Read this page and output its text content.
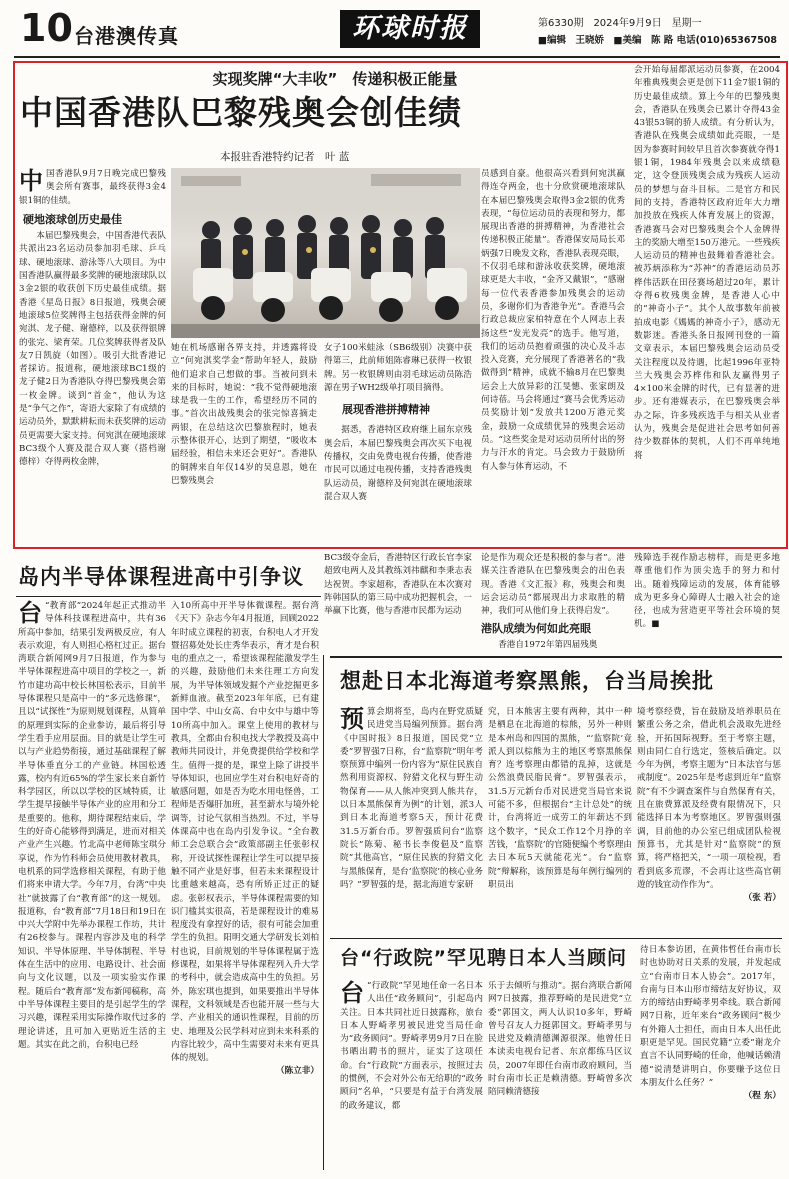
10 台港澳传真	环球时报	第6330期　2024年9月9日　星期一
■编辑　王晓娇　■美编　陈 路 电话(010)65367508
实现奖牌“大丰收”　传递积极正能量
中国香港队巴黎残奥会创佳绩
本报驻香港特约记者　叶 蓝
中国香港队9月7日晚完成巴黎残奥会所有赛事，最终获得3金4银1铜的佳绩。
硬地滚球创历史最佳

本届巴黎残奥会，中国香港代表队共派出23名运动员参加羽毛球、乒乓球、硬地滚球、游泳等八大项目。为中国香港队赢得最多奖牌的硬地滚球队以3金2银的收获创下历史最佳成绩。据香港《星岛日报》8日报道，残奥会硬地滚球5位奖牌得主包括获得金牌的何宛淇、龙子健、谢德梓，以及获得银牌的张完、梁育荣。几位奖牌获得者及队友7日凯旋（如图）。吸引大批香港记者採访。报道称，硬地滚球BC1级的龙子健2日为香港队夺得巴黎残奥会第一枚金牌。谈到“首金”，他认为这是“争气之作”，寄语大家除了有成绩的运动员外，默默耕耘而未获奖牌的运动员更需要大家支持。何宛淇在硬地滚球BC3级个人赛及混合双人赛（搭档谢德梓）夺得两枚金牌，

她在机场感谢各界支持，并透露将设立“何宛淇奖学金”帮助年轻人，鼓励他们追求自己想做的事。当被问到未来的目标时，她说：“我不觉得硬地滚球是我一生的工作，希望经历不同的事。”首次出战残奥会的张完惊喜摘走两银，在总结这次巴黎旅程时，她表示整体很开心，达到了期望，“吸收本届经验，相信未来还会更好”。香港队的铜牌来自年仅14岁的吴息恩，她在巴黎残奥会
女子100米蛙泳（SB6级别）决赛中获得第三，此前师姐陈睿琳已获得一枚银牌。另一枚银牌则由羽毛球运动员陈浩源在男子WH2级单打项目摘得。
展现香港拼搏精神

据悉，香港特区政府继上届东京残奥会后，本届巴黎残奥会再次买下电视传播权，交由免费电视台传播，使香港市民可以通过电视传播，支持香港残奥队运动员，谢德梓及何宛淇在硬地滚球混合双人赛

员感到自豪。他很高兴看到何宛淇赢得连夺两金，也十分欣赏硬地滚球队在本届巴黎残奥会取得3金2银的优秀表现，“每位运动员的表现和努力，都展现出香港的拼搏精神，为香港社会传递积极正能量”。香港保安局局长邓炳强7日晚发文称，香港队表现亮眼，不仅羽毛球和游泳收获奖牌，硬地滚球更是大丰收，“金齐又戴银”，“感谢每一位代表香港参加残奥会的运动员，多谢你们为香港争光”。香港马会行政总裁应家柏特意在个人网志上表扬这些“发光发亮”的选手。他写道，我们的运动员抱着顽强的决心及斗志投入竞赛，充分展现了香港著名的“我做得到”精神，成就不输8月在巴黎奥运会上大放异彩的江旻憓、张家朗及何诗蓓。马会将通过“赛马会优秀运动员奖励计划”发放共1200万港元奖金，鼓励一众成绩优异的残奥会运动员。“这些奖金是对运动员所付出的努力与汗水的肯定。马会致力于鼓励所有人参与体育运动，不
会开始每届都派运动员参赛，在2004年雅典残奥会更是创下11金7银1铜的历史最佳成绩。算上今年的巴黎残奥会，香港队在残奥会已累计夺得43金43银53铜的骄人成绩。有分析认为，香港队在残奥会成绩如此亮眼，一是因为参赛时间较早且首次参赛就夺得1银1铜，1984年残奥会以来成绩稳定，这令登顶残奥会成为残疾人运动员的梦想与奋斗目标。二是官方和民间的支持，香港特区政府近年大力增加投放在残疾人体育发展上的资源，香港赛马会对巴黎残奥会个人金牌得主的奖励大增至150万港元。一些残疾人运动员的精神也鼓舞着香港社会。被苏炳添称为“苏神”的香港运动员苏桦伟活跃在田径赛场超过20年，累计夺得6枚残奥金牌，是香港人心中的“神奇小子”。其个人故事数年前被拍成电影《媽媽的神奇小子》，感动无数影迷。香港头条日报网刊登的一篇文章表示，本届巴黎残奥会运动员受关注程度以及待遇，比起1996年亚特兰大残奥会苏桦伟和队友赢得男子4×100米金牌的时代，已有显著的进步。还有港媒表示，在巴黎残奥会举办之际，许多残疾选手与相关从业者认为，残奥会是促进社会思考如何善待少数群体的契机，人们不再单纯地将
BC3级夺金后，香港特区行政长官李家超致电两人及其教练刘祎麒和李秉志表达祝贺。李家超称，香港队在本次赛对阵韩国队的第三局中成功把握机会，一举赢下比赛，他与香港市民都为运动
论是作为观众还是积极的参与者”。港媒关注香港队在巴黎残奥会的出色表现。香港《文汇报》称，残奥会和奥运会运动员“都展现出力求取胜的精神，我们可从他们身上获得启发”。
港队成绩为何如此亮眼

香港自1972年第四届残奥

残障选手视作励志榜样，而是更多地尊重他们作为顶尖选手的努力和付出。随着残障运动的发展，体育能够成为更多身心障碍人士融入社会的途径，也成为营造更平等社会环境的契机。■
岛内半导体课程进高中引争议
台 “教育部”2024年起正式推动半导体科技课程进高中，共有36所高中参加，结果引发两极反应，有人表示欢迎，有人则担心格杠过正。据台湾联合新闻网9月7日报道，作为参与半导体课程进高中项目的学校之一，新竹市建功高中校长林国松表示，目前半导体课程只是高中一的“多元选修课”，且以“试探性”为原则规划课程，从简单的原理到实际的企业参访，最后将引导学生看手应用层面。目的就是让学生可以与产业趋势衔接，通过基础课程了解半导体垂直分工的产业链。林国松透露，校内有近65%的学生家长来自新竹科学园区，所以以学校的区域特质，让学生提早接触半导体产业的应用和分工是重要的。他称，期待课程结束后，学生的好奇心能够得到满足，进而对相关产业产生兴趣。竹北高中老师陈宝琪分享说，作为竹科师会员使用教材教具，电机系的同学选修相关课程，有助于他们将来申请大学。今年7月，台湾“中央社”就披露了台“教育部”的这一规划。报道称，台“教育部”7月18日和19日在中兴大学附中先举办课程工作坊，共计有26校参与。课程内容涉及电的科学知识、半导体原理、半导体制程、半导体在生活中的应用、电路设计、社会面向与文化议题，以及一项实验实作课程。随后台“教育部”发布新闻稿称，高中半导体课程主要目的是引起学生的学习兴趣，课程采用实际操作取代过多的理论讲述，且可加入更贴近生活的主题。其实在此之前，台积电已经
入10所高中开半导体微课程。据台湾《天下》杂志今年4月报道，回顾2022年时成立课程的初衷，台积电人才开发暨招募处处长庄秀华表示，育才是台积电的重点之一，希望该课程能激发学生的兴趣，鼓励他们未来往理工方向发展，为半导体领域发掘个产业挖掘更多新鲜血液。截至2023年年底，已有建国中学、中山女高、台中女中与雄中等10所高中加入。课堂上使用的教材与教具，全都由台积电找大学教授及高中教师共同设计，并免费提供给学校和学生。值得一提的是，课堂上除了讲授半导体知识，也回应学生对台积电好奇的敏感问题，如是否为吃水用电怪兽，工程师是否爆肝加班，甚至薪水与境外轮调等，讨论气氛相当热烈。不过，半导体课高中也在岛内引发争议。“全台教师工会总联合会”政策部副主任张彰权称，开设试探性课程让学生可以提早接触不同产业是好事，但若未来课程设计比重越来越高，恐有所矫正过正的疑虑。张彰权表示，半导体课程需要的知识门槛其实很高，若是课程设计的难易程度没有拿捏好的话，很有可能会加重学生的负担。阳明交通大学研发长刘柏村也说，目前规划的半导体课程属于选修课程，如果将半导体课程列入升大学的考科中，就会造成高中生的负担。另外，陈宏琪也提到，如果要推出半导体课程，文科领域是否也能开展一些与大学、产业相关的通识性课程，目前的历史、地理及公民学科对应到未来科系的内容比较少，高中生需要对未来有更具体的规划。
（陈立非）
想赴日本北海道考察黑熊，台当局挨批
预算会期将至，岛内在野党质疑民进党当局编列预算。据台湾《中国时报》8日报道，国民党“立委”罗智强7日称，台“监察院”明年考察预算中编列一份内容为“原住民族自然利用资源权、狩猎文化权与野生动物保育——从人熊冲突到人熊共存，以日本黑熊保育为例”的计划，派3人到日本北海道考察5天，预计花费31.5万新台币。罗智强质问台“监察院长”陈菊、秘书长李俊俋及“监察院”其他高官，“原住民族的狩猎文化与黑熊保育，是台‘监察院’的核心业务吗？”罗智强的是，据北海道专家研
究，日本熊害主要有两种，其中一种是栖息在北海道的棕熊，另外一种则是本州岛和四国的黑熊，“‘监察院’竟派人到以棕熊为主的地区考察黑熊保育？连考察理由都错的乱掉，这就是公然浪费民脂民膏”。罗智强表示，31.5万元新台币对民进党当局官来说可能不多，但根据台“主计总处”的统计，台湾将近一成劳工的年薪达不到这个数字，“民众工作12个月挣的辛苦钱，‘监察院’的官随便编个考察理由去日本玩5天就能花光”。台“监察院”辩解称，该预算是每年例行编列的职员出
境考察经费，旨在鼓励及培养职员在繁重公务之余，借此机会汲取先进经验，开拓国际视野。至于考察主题，则由同仁自行选定，签核后确定。以今年为例，考察主题为“日本法官与惩戒制度”。2025年是考虑到近年“监察院”有不少调查案件与自然保育有关，且在旅费算派及经费有限情况下，只能选择日本为考察地区。罗智强则强调，目前他的办公室已组成团队检视预算书，尤其是针对“监察院”的预算，将严格把关，“一项一项检视，看看到底多荒谬，不会再让这些高官朝遊的钱宜动作作为”。
（张 若）
台“行政院”罕见聘日本人当顾问
台 “行政院”罕见地任命一名日本人出任“政务顾问”，引起岛内关注。日本共同社近日披露称，旅台日本人野崎孝男被民进党当局任命为“政务顾问”。野崎孝男9月7日在脸书晒出聘书的照片，证实了这项任命。台“行政院”方面表示，按照过去的惯例，不会对外公布无给职的“政务顾问”名单，“只要是有益于台湾发展的政务建议，都
乐于去倾听与推动”。据台湾联合新闻网7日披露，推荐野崎的是民进党“立委”郭国文，两人认识10多年，野崎曾号召友人力挺郭国文。野崎孝男与民进党及赖清德渊源很深。他曾任日本读卖电视台记者、东京都练马区议员，2007年即任台南市政府顾问，当时台南市长正是赖清德。野崎曾多次陪同赖清德接
待日本参访团，在黄伟哲任台南市长时也协助对日关系的发展，并发起成立“台南市日本人协会”。2017年，台南与日本山形市缔结友好协议，双方的缔结由野崎孝男牵线。联合新闻网7日称，近年来台“政务顾问”极少有外籍人士担任，而由日本人出任此职更是罕见。国民党籍“立委”谢龙介直言不认同野崎的任命，他喊话赖清德“说清楚讲明白，你要赚予这位日本朋友什么任务？”
（程 东）
